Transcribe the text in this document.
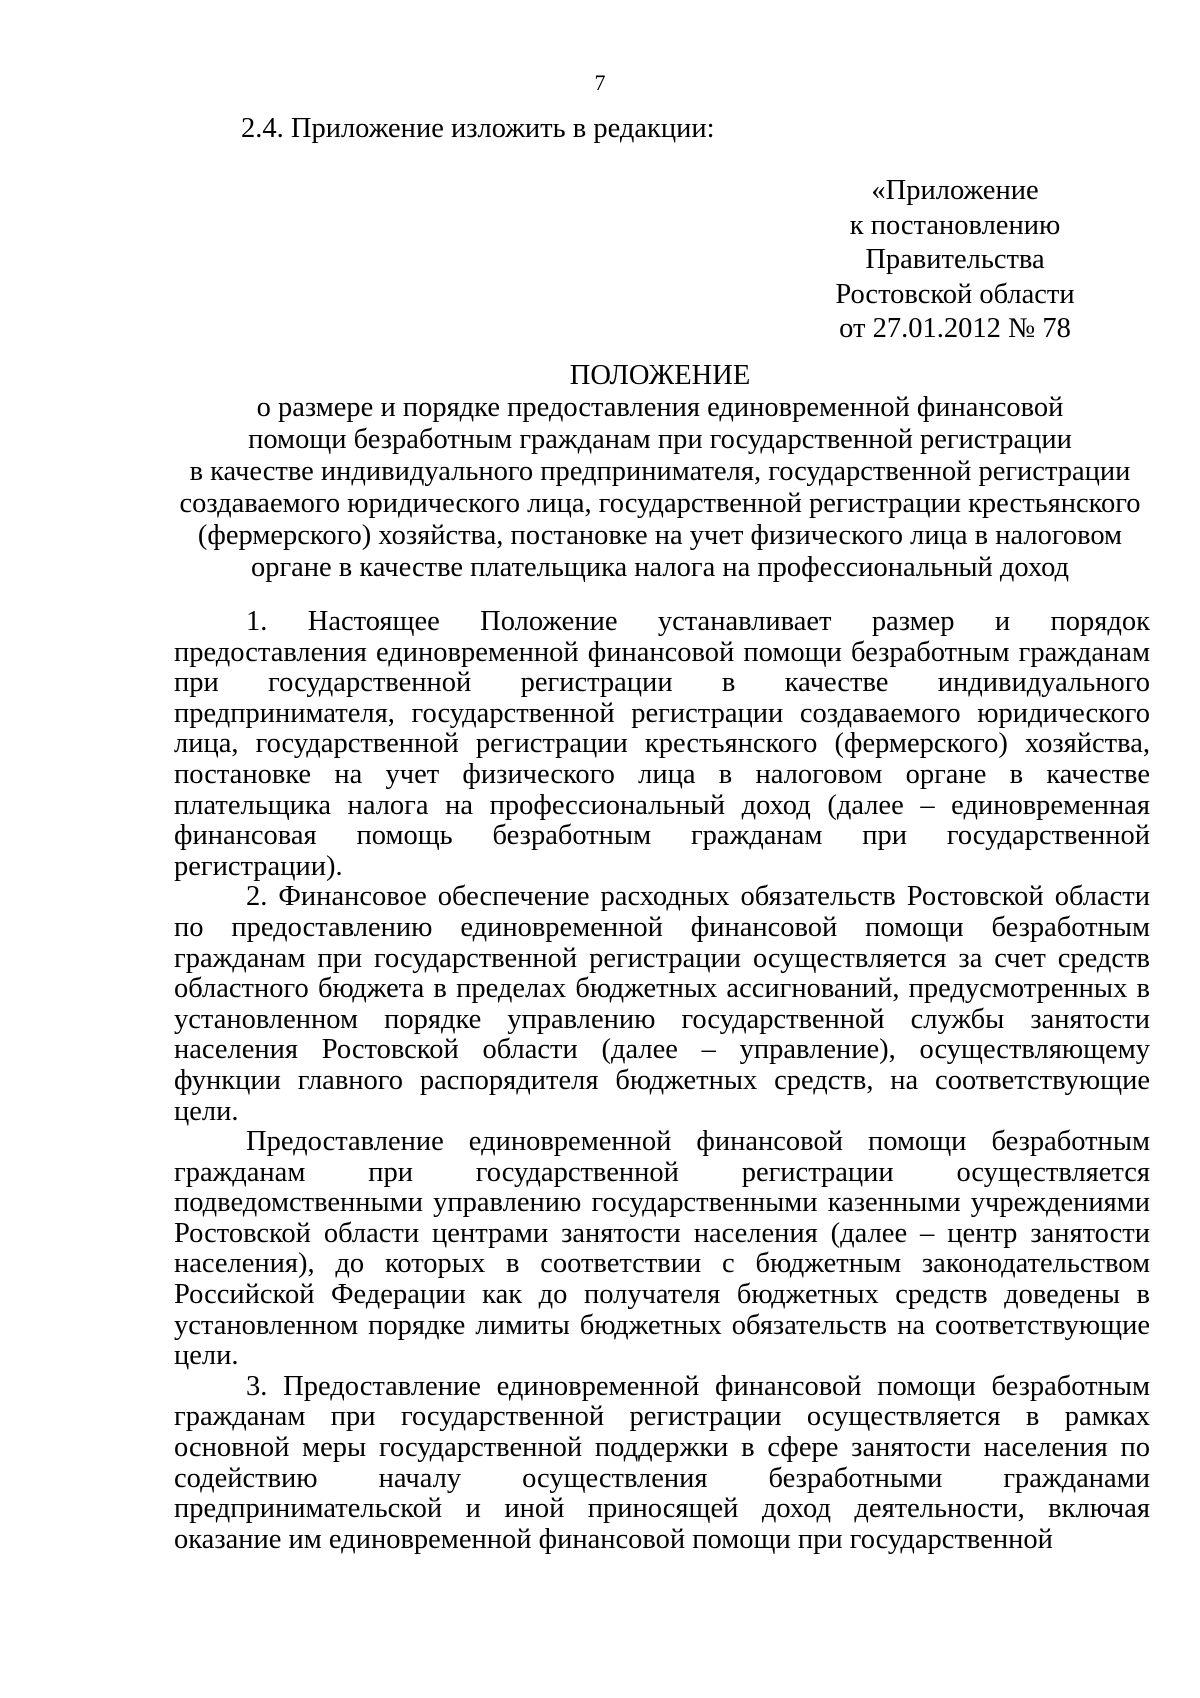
7
2.4. Приложение изложить в редакции:
«Приложение
к постановлению
Правительства
Ростовской области
от 27.01.2012 № 78
ПОЛОЖЕНИЕ
о размере и порядке предоставления единовременной финансовой
помощи безработным гражданам при государственной регистрации
в качестве индивидуального предпринимателя, государственной регистрации
создаваемого юридического лица, государственной регистрации крестьянского
(фермерского) хозяйства, постановке на учет физического лица в налоговом
органе в качестве плательщика налога на профессиональный доход

1. Настоящее Положение устанавливает размер и порядок предоставления единовременной финансовой помощи безработным гражданам при государственной регистрации в качестве индивидуального предпринимателя, государственной регистрации создаваемого юридического лица, государственной регистрации крестьянского (фермерского) хозяйства, постановке на учет физического лица в налоговом органе в качестве плательщика налога на профессиональный доход (далее – единовременная финансовая помощь безработным гражданам при государственной регистрации).

2. Финансовое обеспечение расходных обязательств Ростовской области по предоставлению единовременной финансовой помощи безработным гражданам при государственной регистрации осуществляется за счет средств областного бюджета в пределах бюджетных ассигнований, предусмотренных в установленном порядке управлению государственной службы занятости населения Ростовской области (далее – управление), осуществляющему функции главного распорядителя бюджетных средств, на соответствующие цели.

Предоставление единовременной финансовой помощи безработным гражданам при государственной регистрации осуществляется подведомственными управлению государственными казенными учреждениями Ростовской области центрами занятости населения (далее – центр занятости населения), до которых в соответствии с бюджетным законодательством Российской Федерации как до получателя бюджетных средств доведены в установленном порядке лимиты бюджетных обязательств на соответствующие цели.

3. Предоставление единовременной финансовой помощи безработным гражданам при государственной регистрации осуществляется в рамках основной меры государственной поддержки в сфере занятости населения по содействию началу осуществления безработными гражданами предпринимательской и иной приносящей доход деятельности, включая оказание им единовременной финансовой помощи при государственной
